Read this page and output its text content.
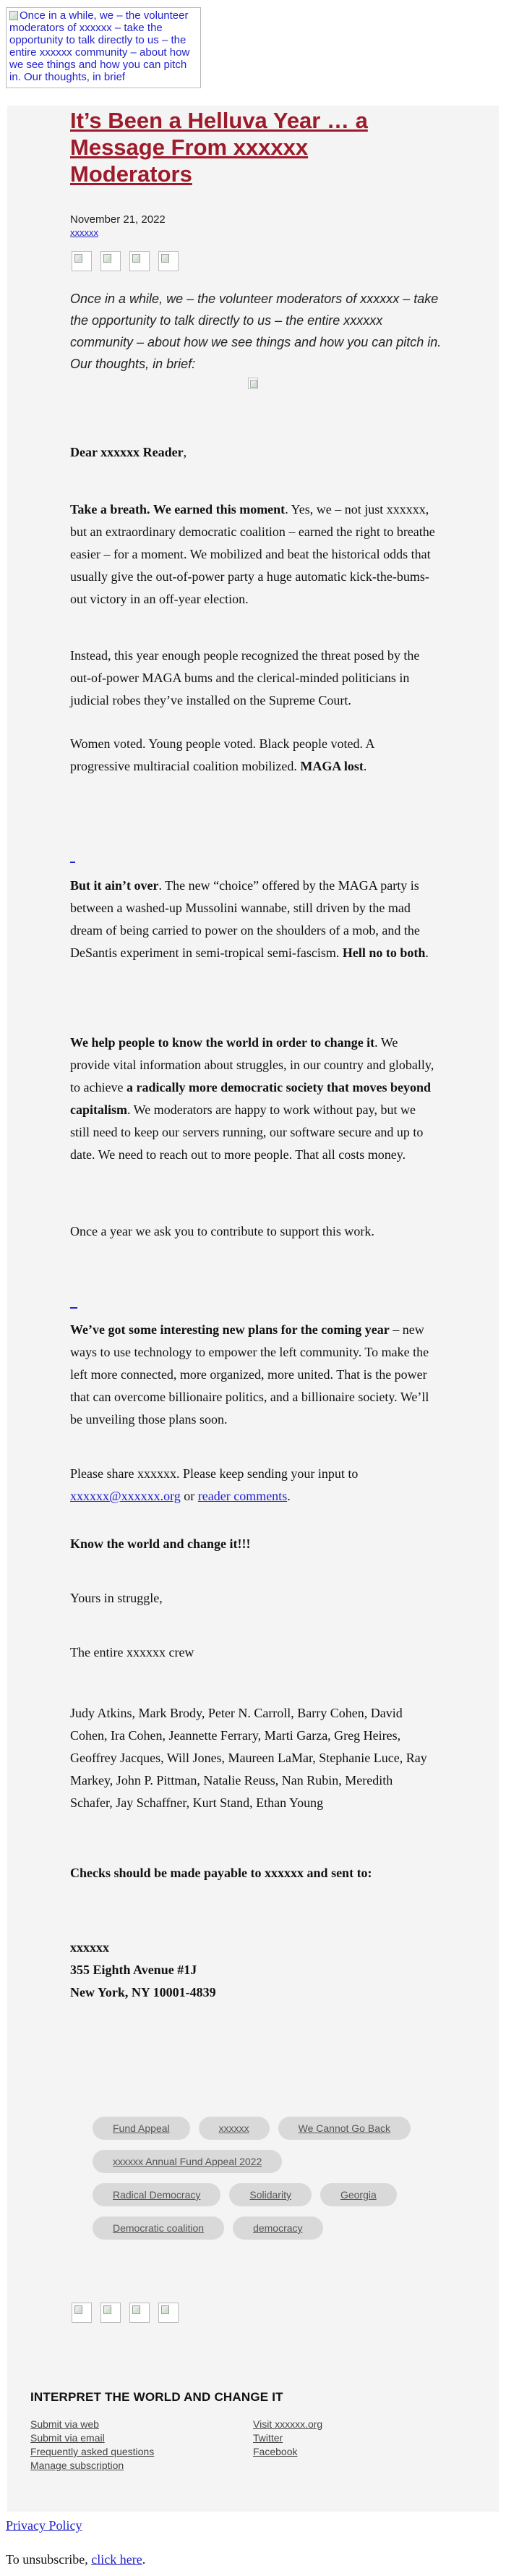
Once in a while, we – the volunteer moderators of xxxxxx – take the opportunity to talk directly to us – the entire xxxxxx community – about how we see things and how you can pitch in. Our thoughts, in brief
It’s Been a Helluva Year … a Message From xxxxxx Moderators
November 21, 2022
xxxxxx

Once in a while, we – the volunteer moderators of xxxxxx – take the opportunity to talk directly to us – the entire xxxxxx community – about how we see things and how you can pitch in. Our thoughts, in brief:

Dear xxxxxx Reader,

Take a breath. We earned this moment. Yes, we – not just xxxxxx, but an extraordinary democratic coalition – earned the right to breathe easier – for a moment. We mobilized and beat the historical odds that usually give the out-of-power party a huge automatic kick-the-bums-out victory in an off-year election.

Instead, this year enough people recognized the threat posed by the out-of-power MAGA bums and the clerical-minded politicians in judicial robes they’ve installed on the Supreme Court.

Women voted. Young people voted. Black people voted. A progressive multiracial coalition mobilized. MAGA lost.

But it ain’t over. The new “choice” offered by the MAGA party is between a washed-up Mussolini wannabe, still driven by the mad dream of being carried to power on the shoulders of a mob, and the DeSantis experiment in semi-tropical semi-fascism. Hell no to both.

We help people to know the world in order to change it. We provide vital information about struggles, in our country and globally, to achieve a radically more democratic society that moves beyond capitalism. We moderators are happy to work without pay, but we still need to keep our servers running, our software secure and up to date. We need to reach out to more people. That all costs money.

Once a year we ask you to contribute to support this work.

We’ve got some interesting new plans for the coming year – new ways to use technology to empower the left community. To make the left more connected, more organized, more united. That is the power that can overcome billionaire politics, and a billionaire society. We’ll be unveiling those plans soon.

Please share xxxxxx. Please keep sending your input to xxxxxx@xxxxxx.org or reader comments.

Know the world and change it!!!

Yours in struggle,

The entire xxxxxx crew

Judy Atkins, Mark Brody, Peter N. Carroll, Barry Cohen, David Cohen, Ira Cohen, Jeannette Ferrary, Marti Garza, Greg Heires, Geoffrey Jacques, Will Jones, Maureen LaMar, Stephanie Luce, Ray Markey, John P. Pittman, Natalie Reuss, Nan Rubin, Meredith Schafer, Jay Schaffner, Kurt Stand, Ethan Young

Checks should be made payable to xxxxxx and sent to:

xxxxxx
355 Eighth Avenue #1J
New York, NY 10001-4839

Fund Appeal	xxxxxx	We Cannot Go Back
xxxxxx Annual Fund Appeal 2022
Radical Democracy	Solidarity	Georgia
Democratic coalition	democracy
INTERPRET THE WORLD AND CHANGE IT
Submit via web
Submit via email
Frequently asked questions
Manage subscription
Visit xxxxxx.org
Twitter
Facebook
Privacy Policy
To unsubscribe, click here.
